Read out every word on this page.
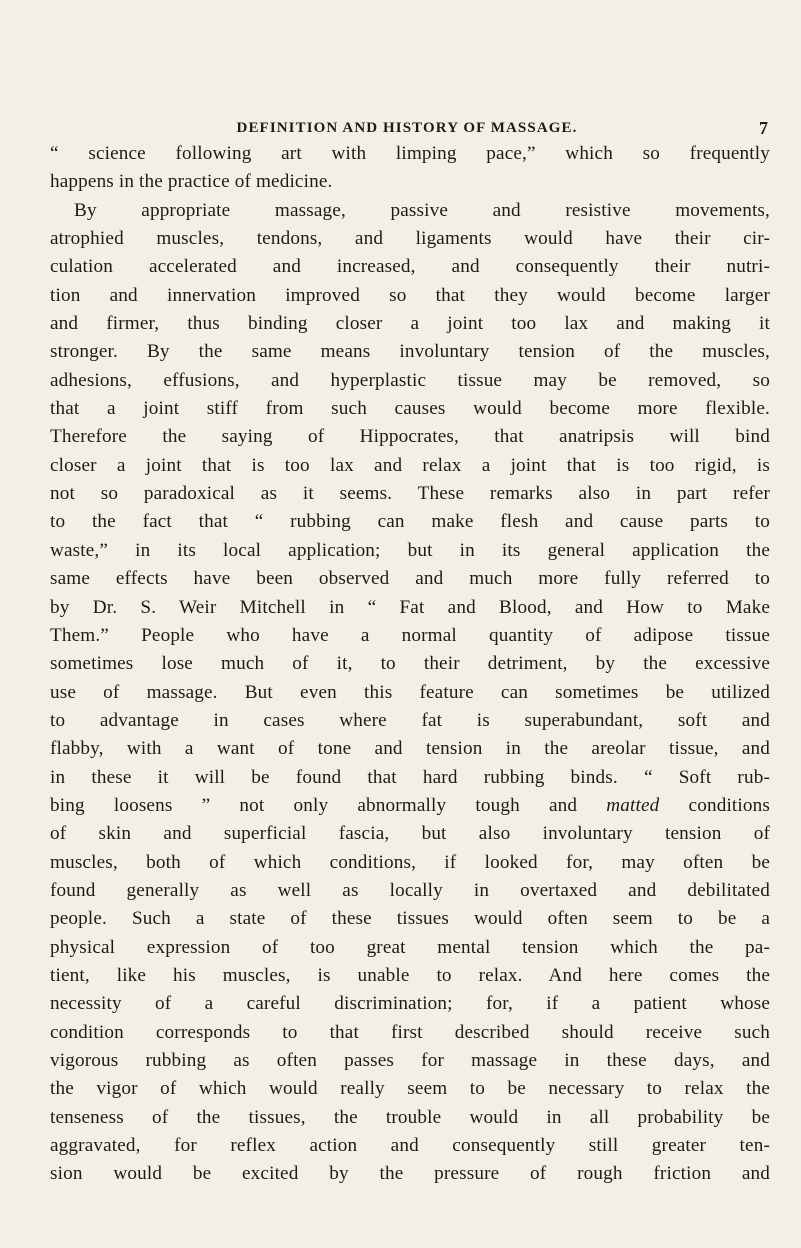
DEFINITION AND HISTORY OF MASSAGE.	7
“ science following art with limping pace,” which so frequently
happens in the practice of medicine.
By appropriate massage, passive and resistive movements,
atrophied muscles, tendons, and ligaments would have their cir-
culation accelerated and increased, and consequently their nutri-
tion and innervation improved so that they would become larger
and firmer, thus binding closer a joint too lax and making it
stronger. By the same means involuntary tension of the muscles,
adhesions, effusions, and hyperplastic tissue may be removed, so
that a joint stiff from such causes would become more flexible.
Therefore the saying of Hippocrates, that anatripsis will bind
closer a joint that is too lax and relax a joint that is too rigid, is
not so paradoxical as it seems. These remarks also in part refer
to the fact that “ rubbing can make flesh and cause parts to
waste,” in its local application; but in its general application the
same effects have been observed and much more fully referred to
by Dr. S. Weir Mitchell in “ Fat and Blood, and How to Make
Them.” People who have a normal quantity of adipose tissue
sometimes lose much of it, to their detriment, by the excessive
use of massage. But even this feature can sometimes be utilized
to advantage in cases where fat is superabundant, soft and
flabby, with a want of tone and tension in the areolar tissue, and
in these it will be found that hard rubbing binds. “ Soft rub-
bing loosens ” not only abnormally tough and matted conditions
of skin and superficial fascia, but also involuntary tension of
muscles, both of which conditions, if looked for, may often be
found generally as well as locally in overtaxed and debilitated
people. Such a state of these tissues would often seem to be a
physical expression of too great mental tension which the pa-
tient, like his muscles, is unable to relax. And here comes the
necessity of a careful discrimination; for, if a patient whose
condition corresponds to that first described should receive such
vigorous rubbing as often passes for massage in these days, and
the vigor of which would really seem to be necessary to relax the
tenseness of the tissues, the trouble would in all probability be
aggravated, for reflex action and consequently still greater ten-
sion would be excited by the pressure of rough friction and
